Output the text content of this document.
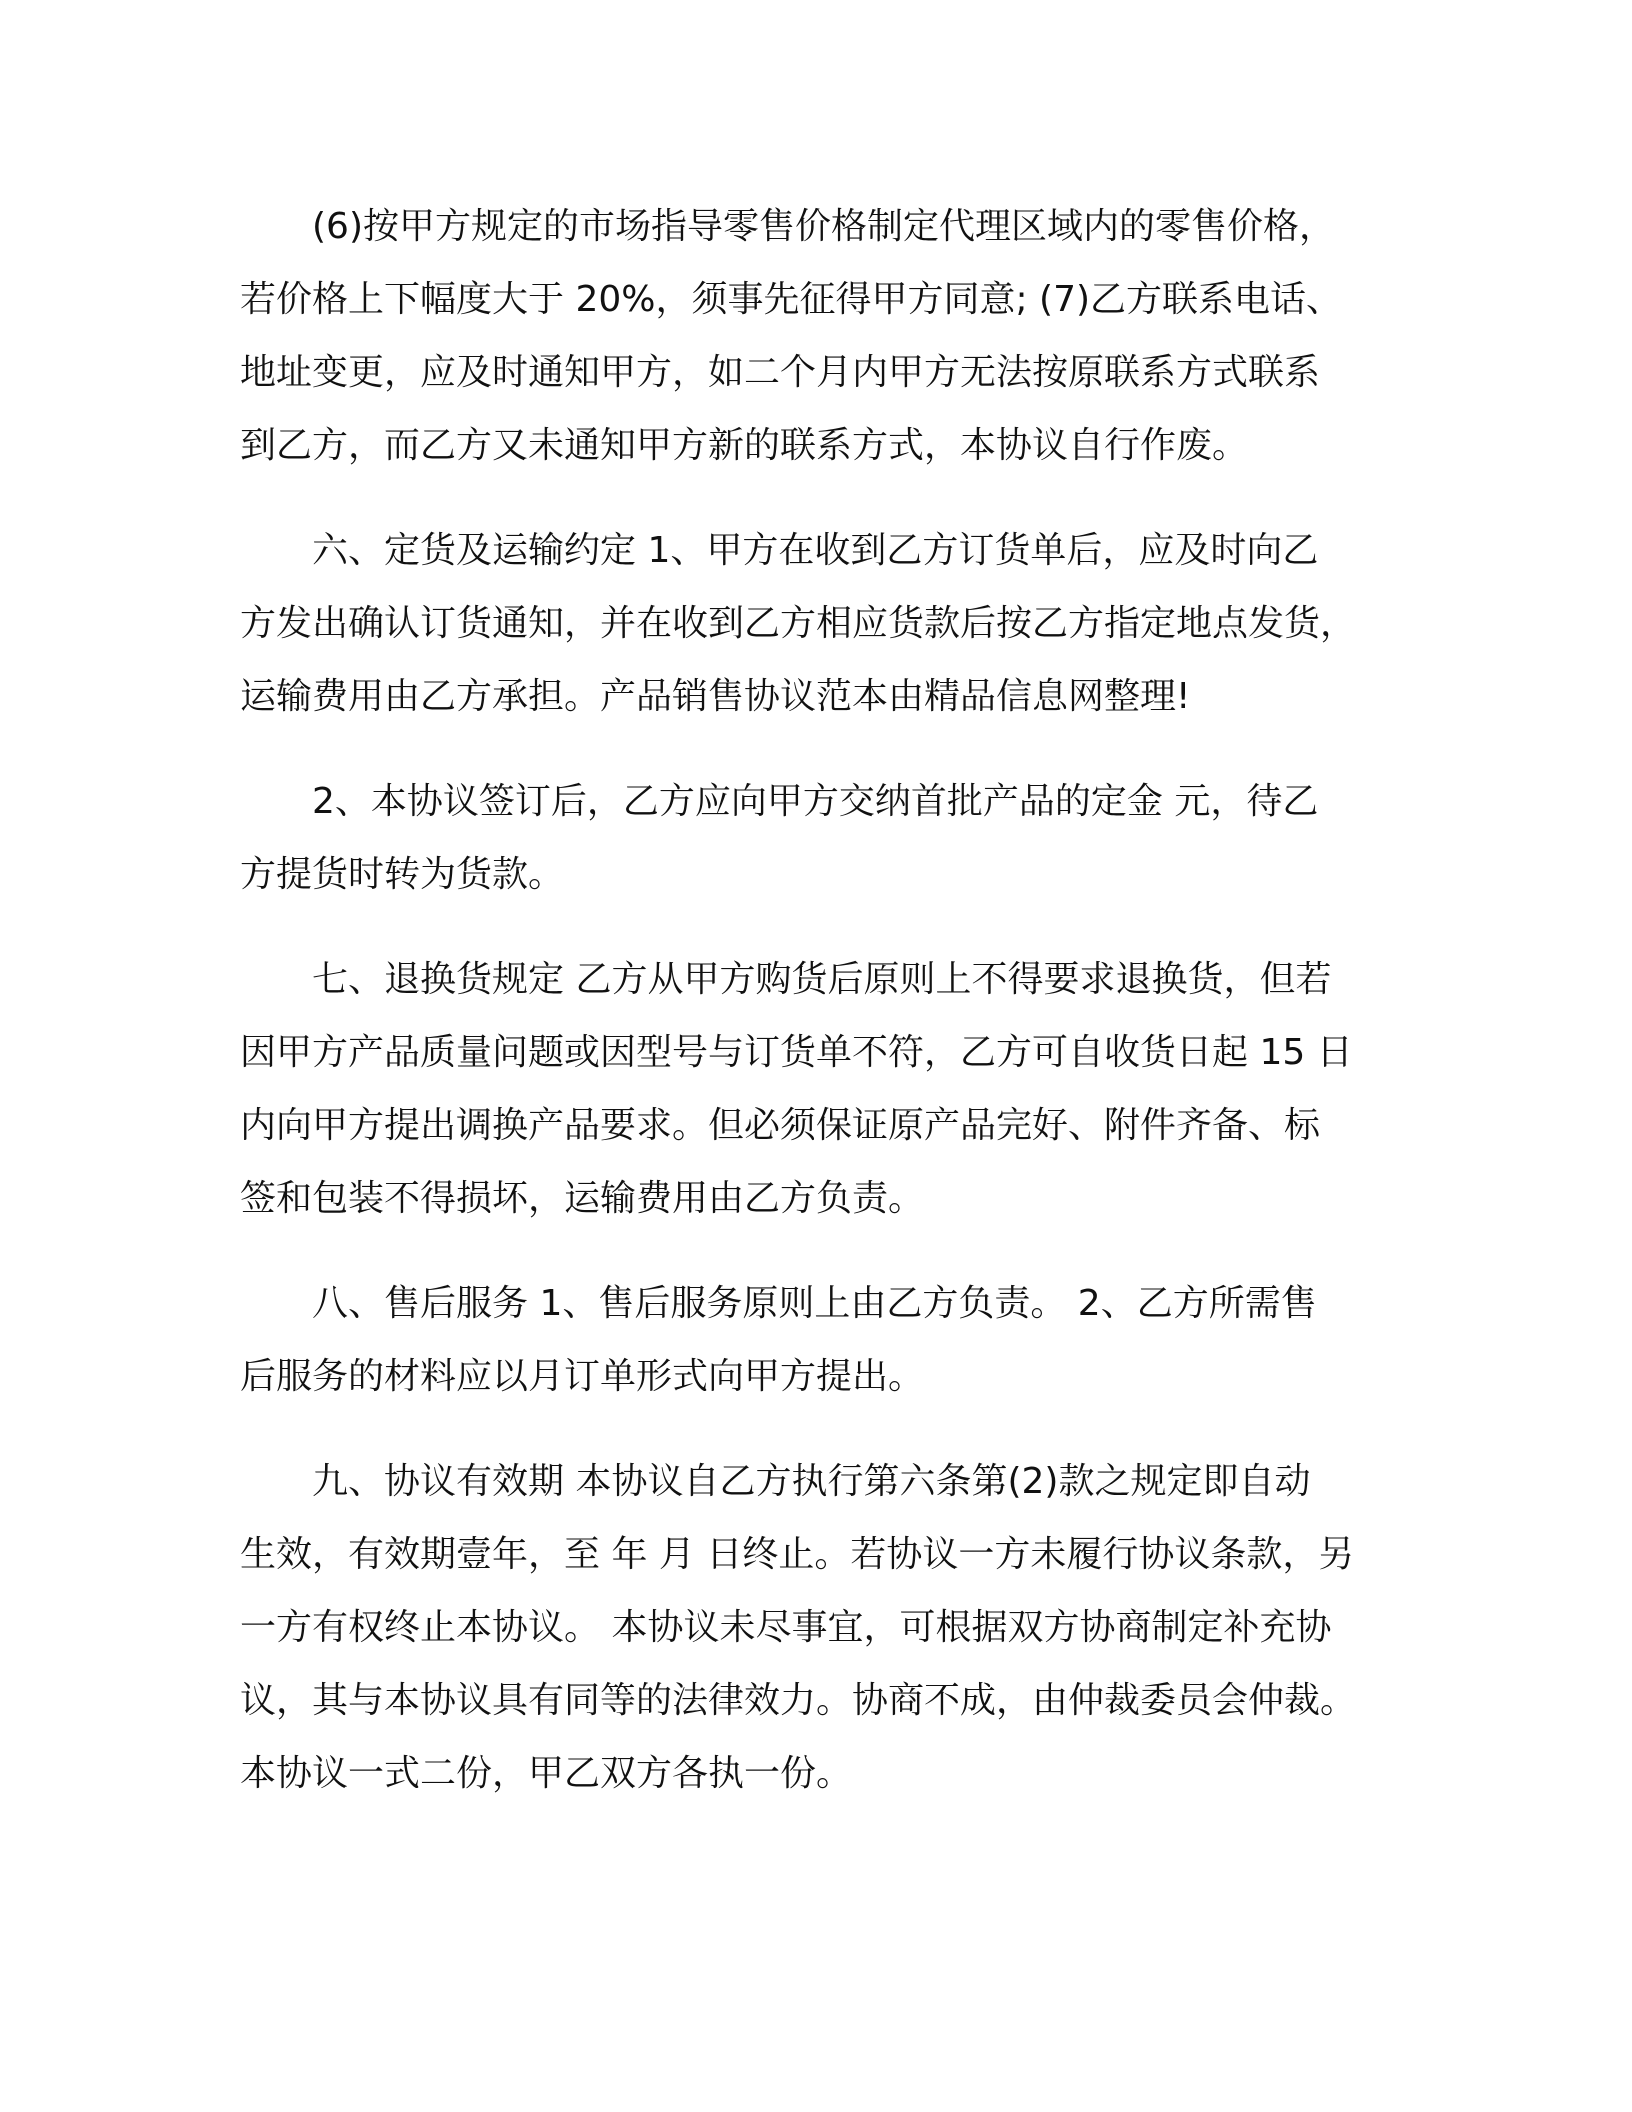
(6)按甲方规定的市场指导零售价格制定代理区域内的零售价格，
若价格上下幅度大于 20%，须事先征得甲方同意; (7)乙方联系电话、
地址变更，应及时通知甲方，如二个月内甲方无法按原联系方式联系
到乙方，而乙方又未通知甲方新的联系方式，本协议自行作废。

六、定货及运输约定 1、甲方在收到乙方订货单后，应及时向乙
方发出确认订货通知，并在收到乙方相应货款后按乙方指定地点发货，
运输费用由乙方承担。产品销售协议范本由精品信息网整理!

2、本协议签订后，乙方应向甲方交纳首批产品的定金 元，待乙
方提货时转为货款。

七、退换货规定 乙方从甲方购货后原则上不得要求退换货，但若
因甲方产品质量问题或因型号与订货单不符，乙方可自收货日起 15 日
内向甲方提出调换产品要求。但必须保证原产品完好、附件齐备、标
签和包装不得损坏，运输费用由乙方负责。

八、售后服务 1、售后服务原则上由乙方负责。 2、乙方所需售
后服务的材料应以月订单形式向甲方提出。

九、协议有效期 本协议自乙方执行第六条第(2)款之规定即自动
生效，有效期壹年，至 年 月 日终止。若协议一方未履行协议条款，另
一方有权终止本协议。 本协议未尽事宜，可根据双方协商制定补充协
议，其与本协议具有同等的法律效力。协商不成，由仲裁委员会仲裁。
本协议一式二份，甲乙双方各执一份。
